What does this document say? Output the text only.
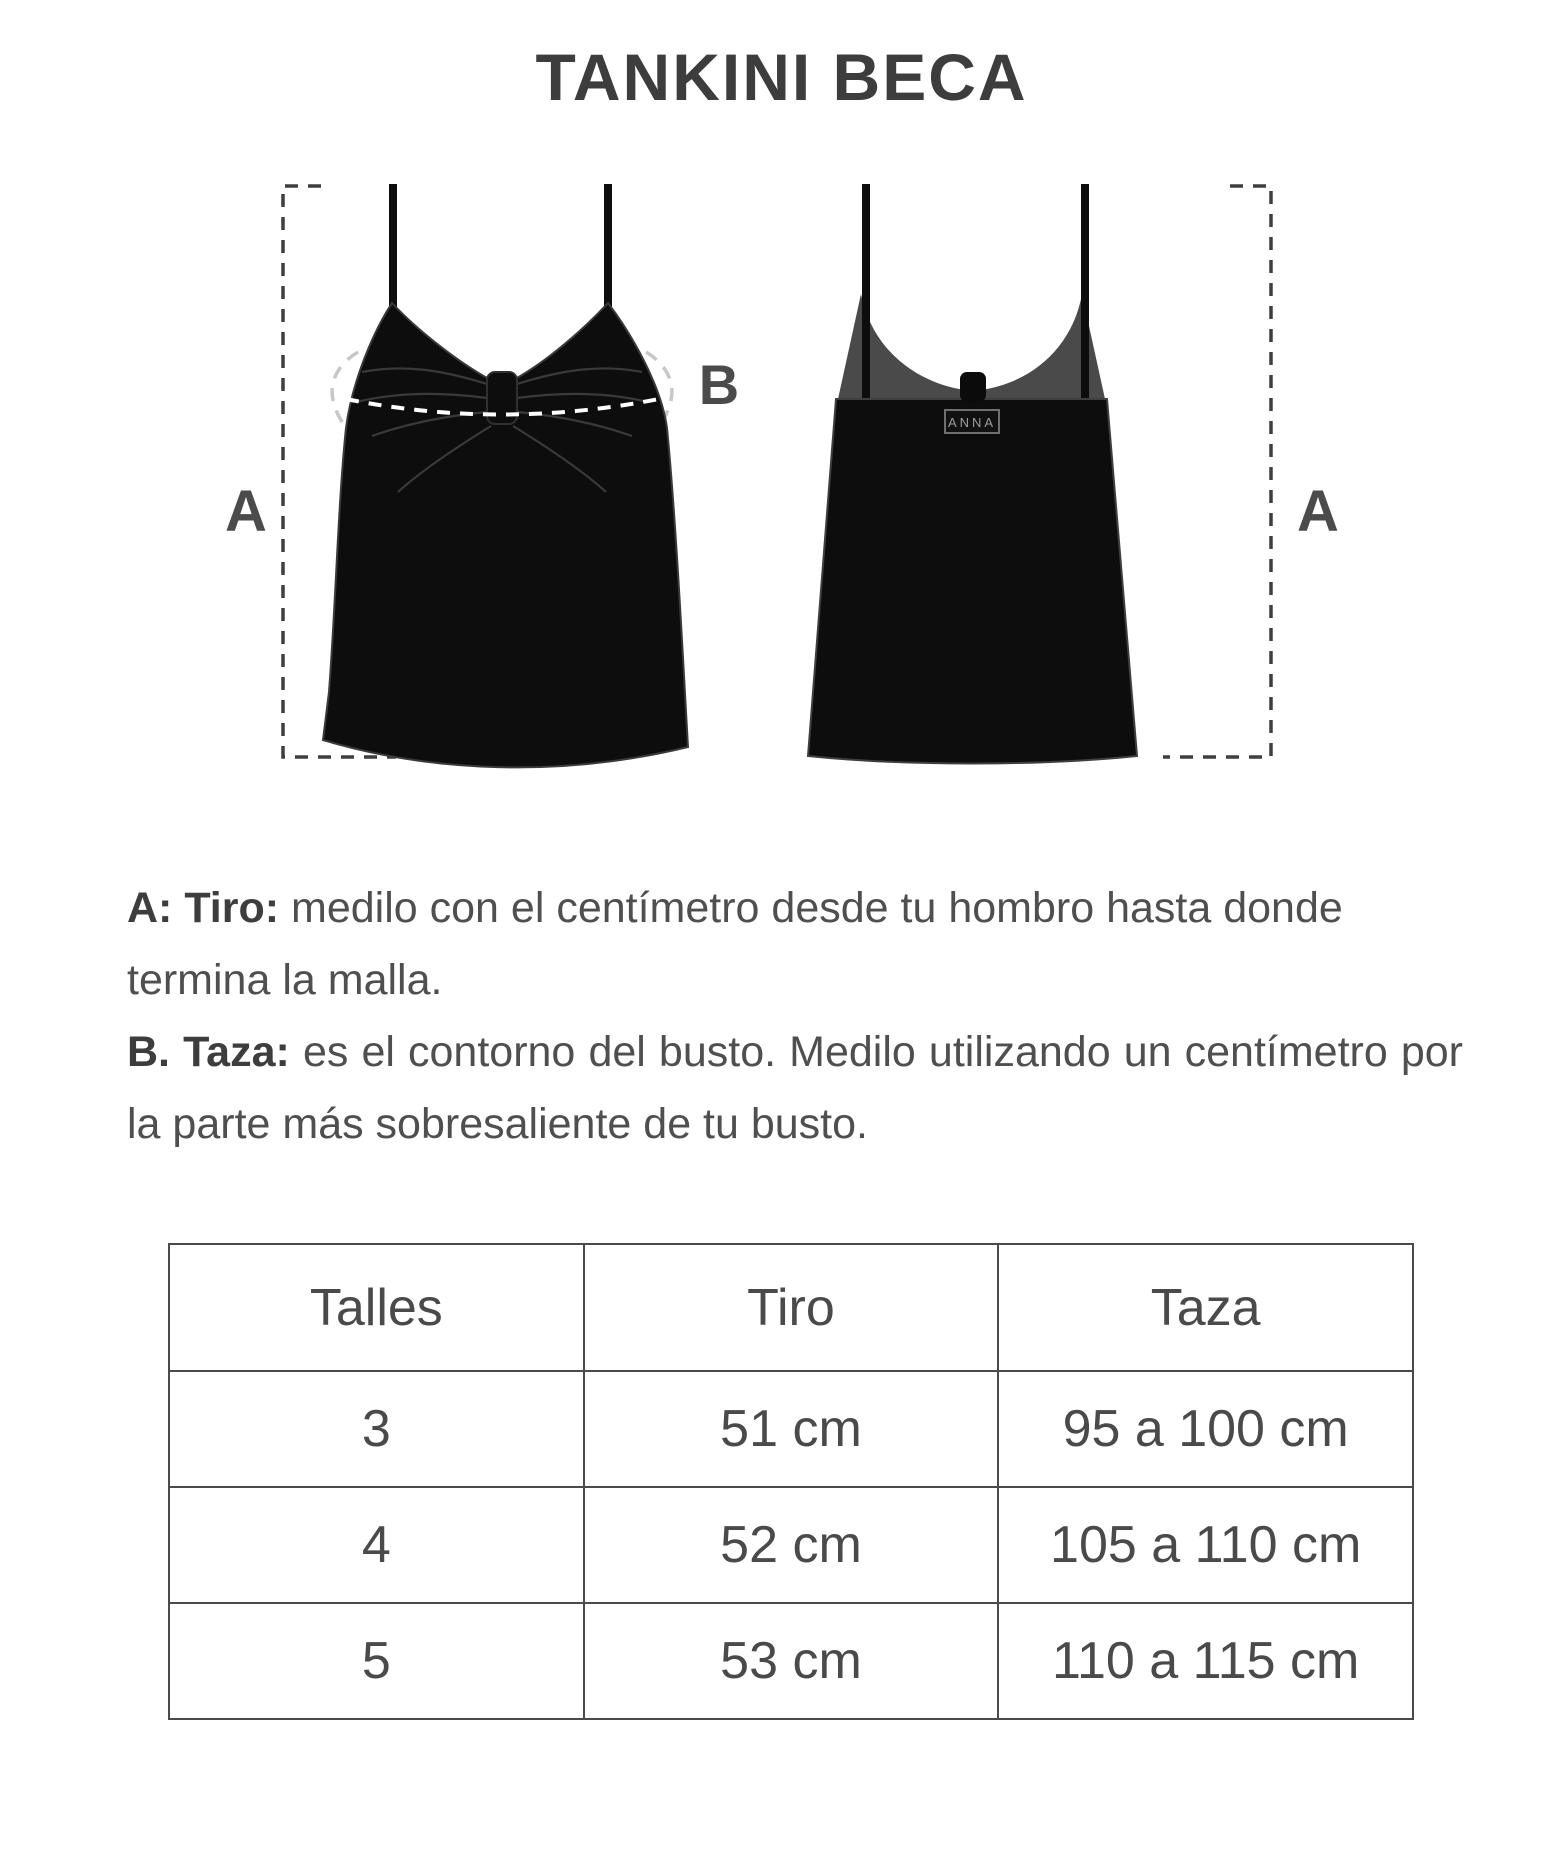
TANKINI BECA
ANNA
A	A
B

A: Tiro: medilo con el centímetro desde tu hombro hasta donde termina la malla.

B. Taza: es el contorno del busto. Medilo utilizando un centímetro por la parte más sobresaliente de tu busto.

Talles	Tiro	Taza
3	51 cm	95 a 100 cm
4	52 cm	105 a 110 cm
5	53 cm	110 a 115 cm
